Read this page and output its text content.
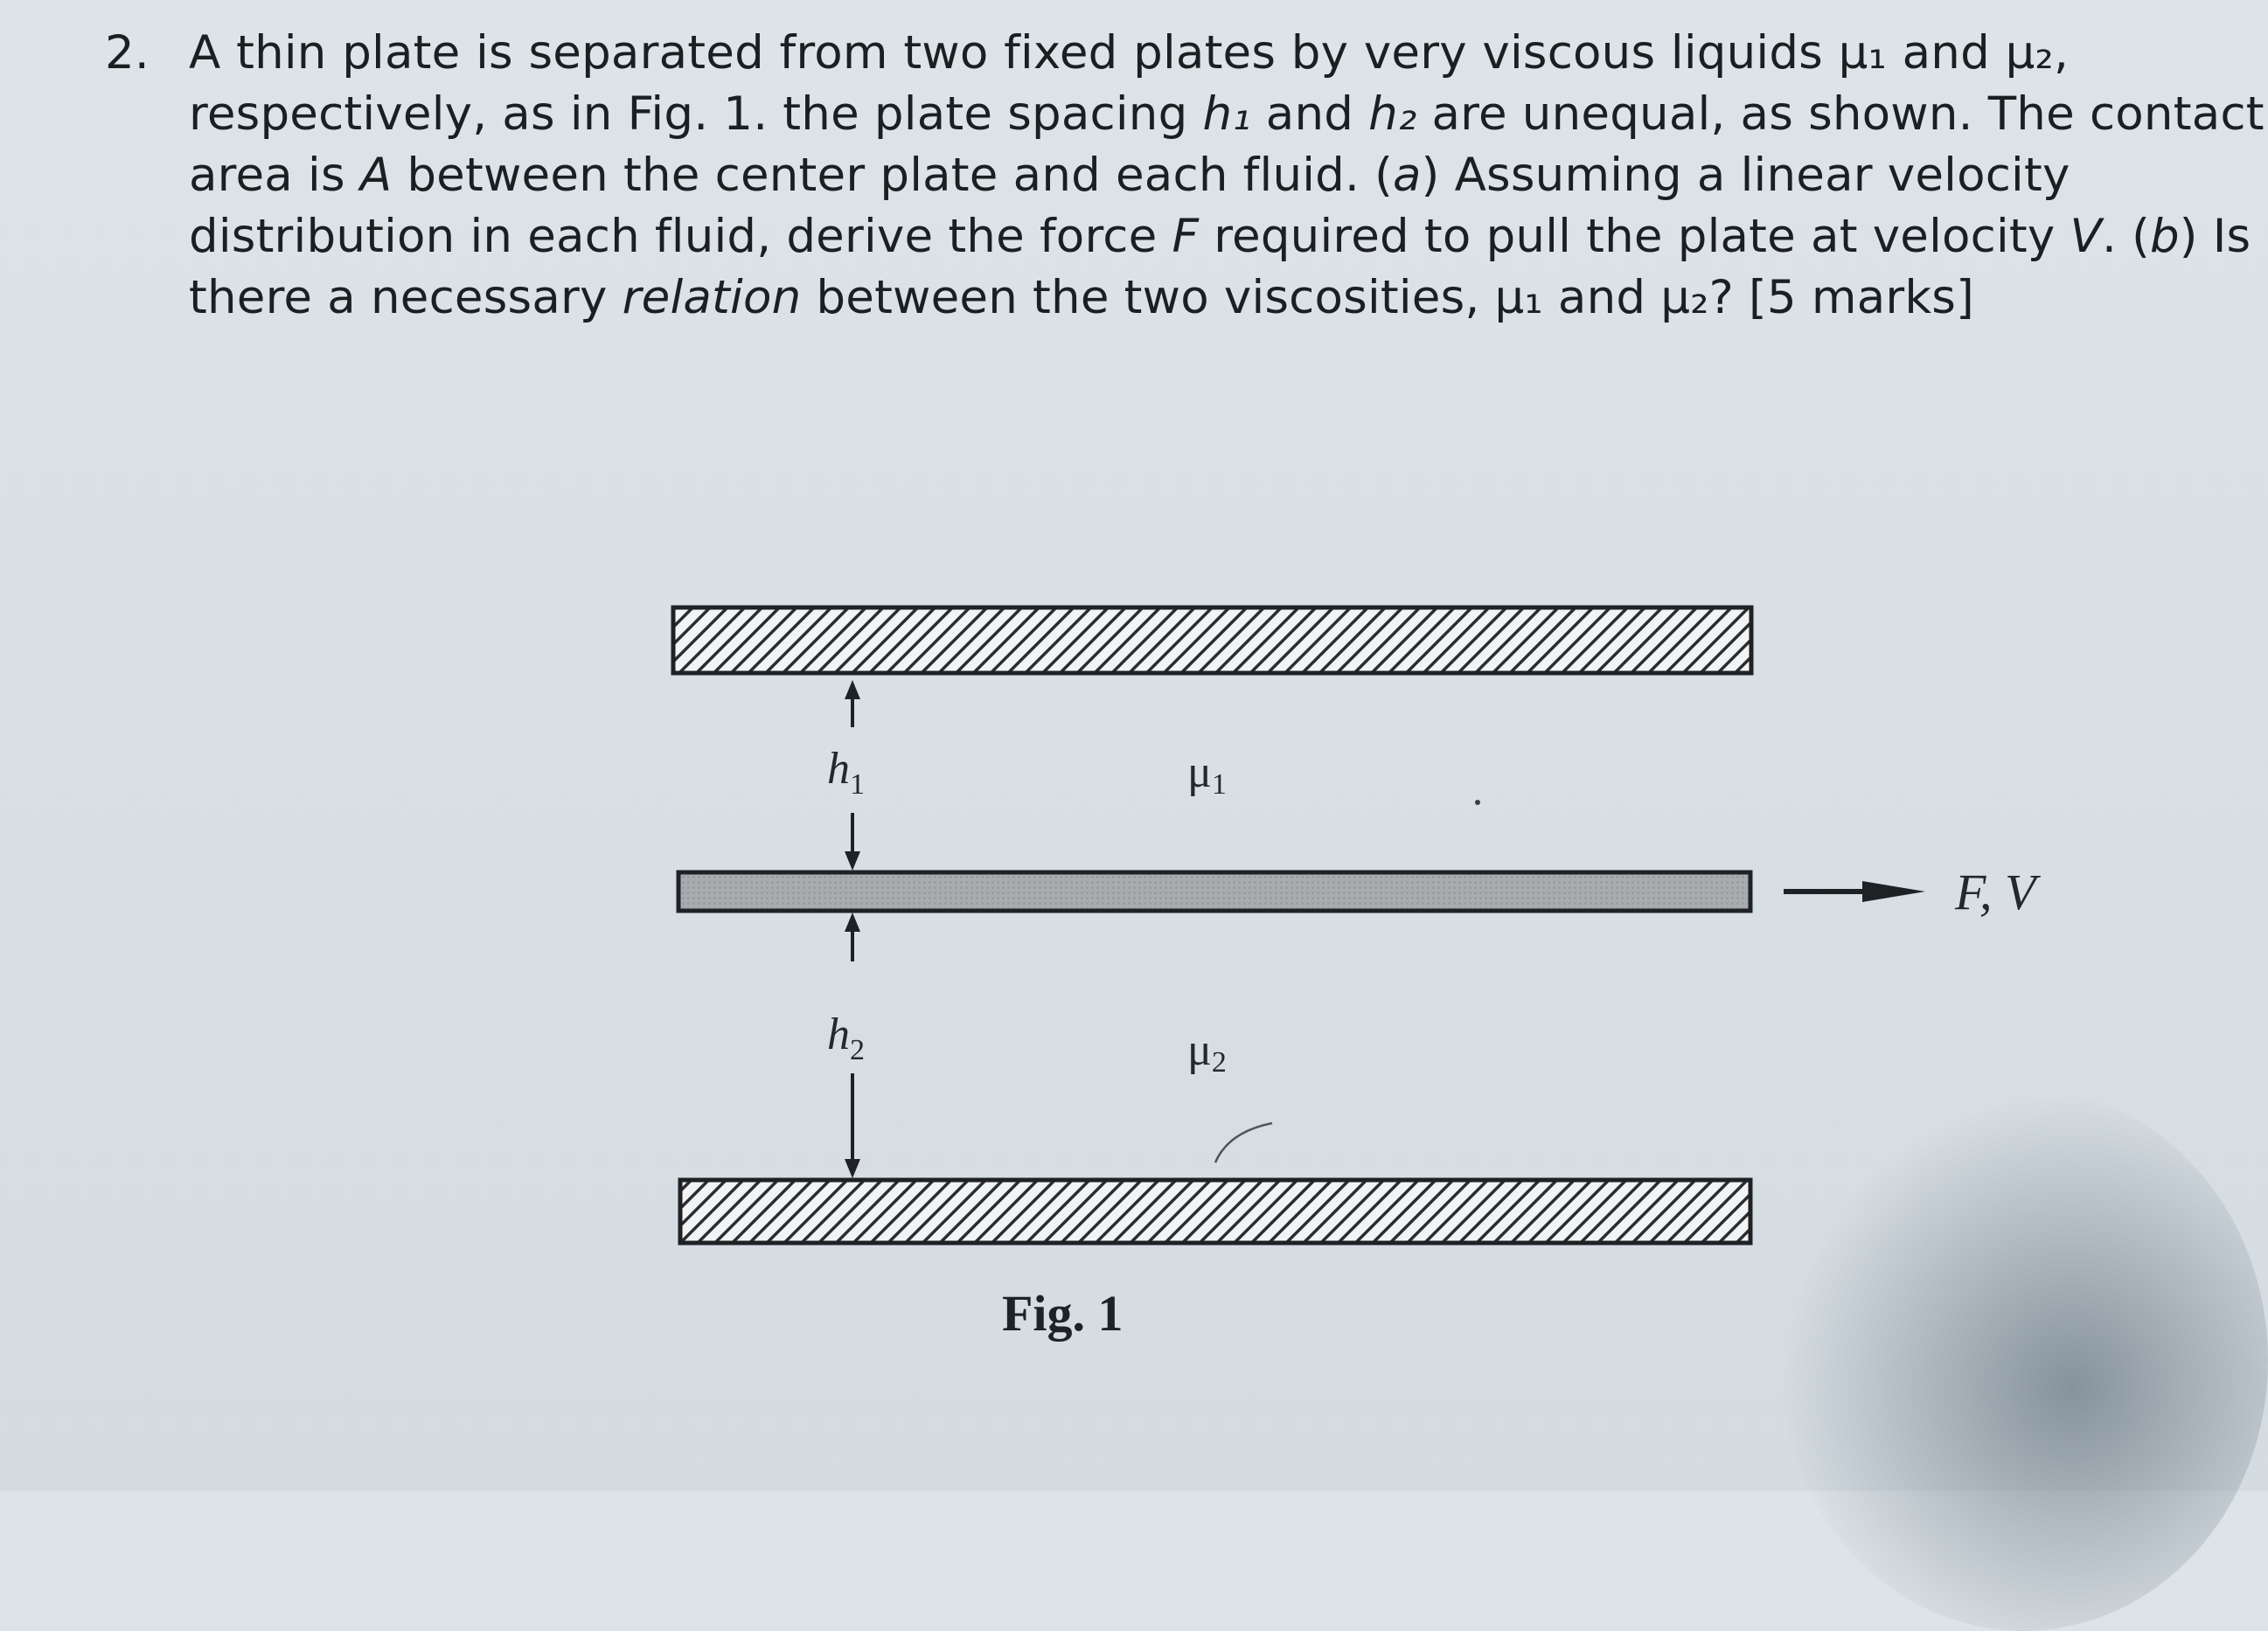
2. A thin plate is separated from two fixed plates by very viscous liquids μ₁ and μ₂,
respectively, as in Fig. 1. the plate spacing h₁ and h₂ are unequal, as shown. The contact
area is A between the center plate and each fluid. (a) Assuming a linear velocity
distribution in each fluid, derive the force F required to pull the plate at velocity V. (b) Is
there a necessary relation between the two viscosities, μ₁ and μ₂? [5 marks]
$h_1$
$h_2$
μ1
μ2
F, V
Fig. 1
